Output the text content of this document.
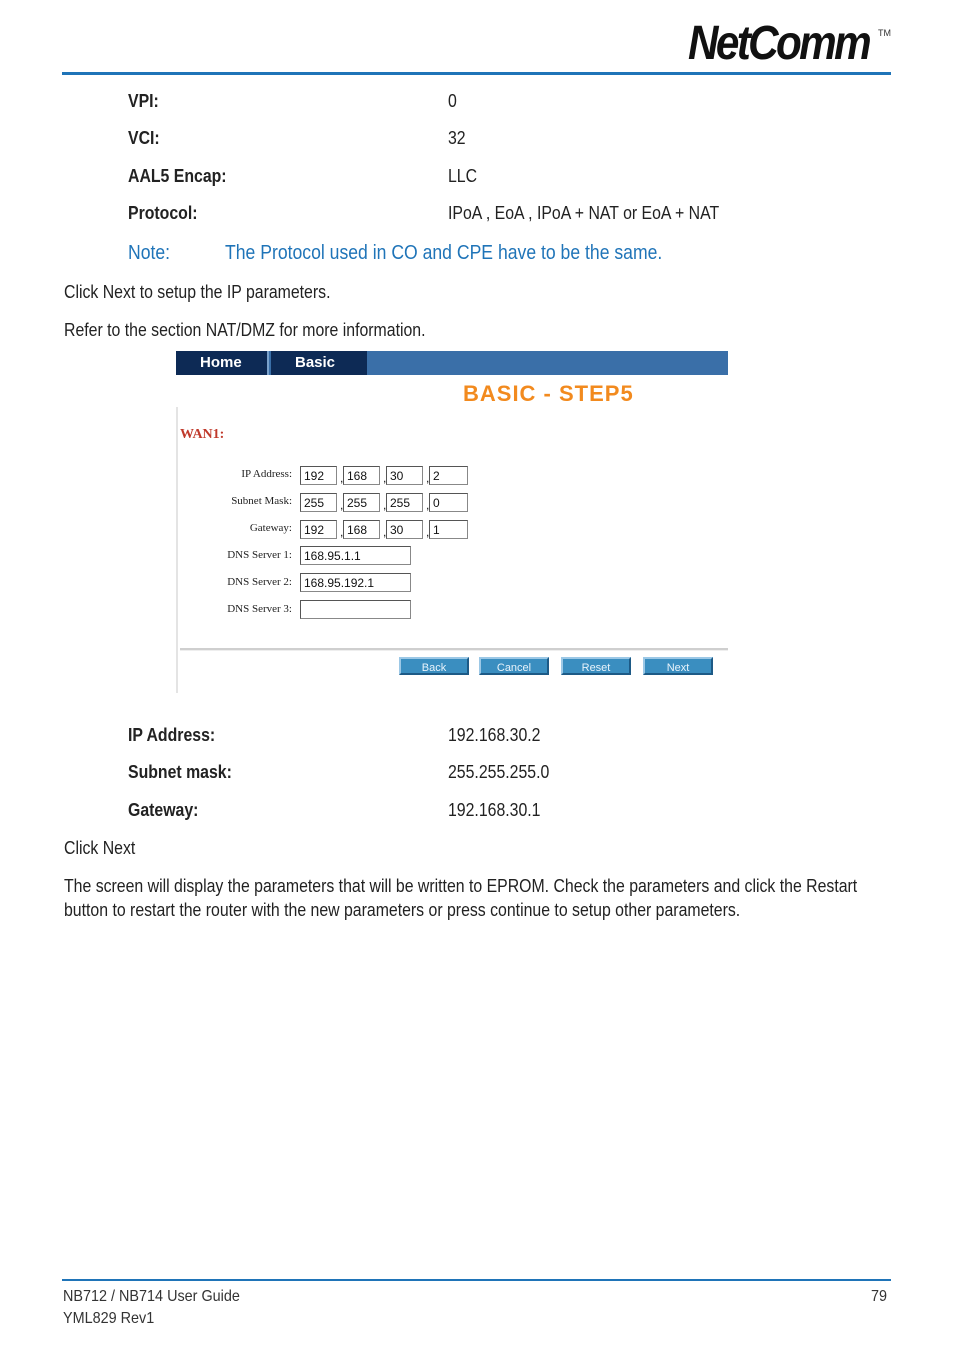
NetComm TM
VPI:	0
VCI:	32
AAL5 Encap:	LLC
Protocol:	IPoA , EoA , IPoA + NAT or EoA + NAT
Note:	The Protocol used in CO and CPE have to be the same.
Click Next to setup the IP parameters.
Refer to the section NAT/DMZ for more information.
Home	Basic
BASIC - STEP5
WAN1:
IP Address:	192	, 168	, 30	, 2
Subnet Mask:	255	, 255	, 255	, 0
Gateway:	192	, 168	, 30	, 1
DNS Server 1:	168.95.1.1
DNS Server 2:	168.95.192.1
DNS Server 3:
Back	Cancel	Reset	Next
IP Address:	192.168.30.2
Subnet mask:	255.255.255.0
Gateway:	192.168.30.1
Click Next
The screen will display the parameters that will be written to EPROM. Check the parameters and click the Restart
button to restart the router with the new parameters or press continue to setup other parameters.
NB712 / NB714 User Guide
YML829 Rev1
79
